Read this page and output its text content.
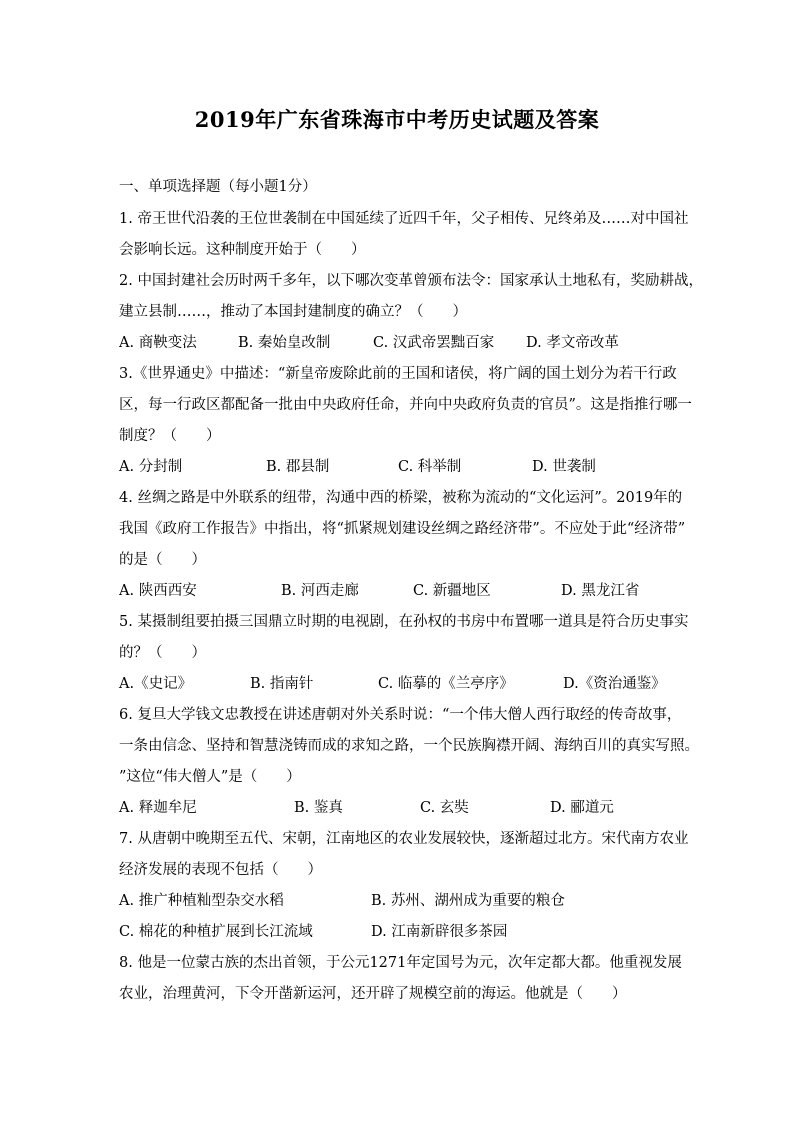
2019年广东省珠海市中考历史试题及答案
一、单项选择题（每小题1分）
1. 帝王世代沿袭的王位世袭制在中国延续了近四千年，父子相传、兄终弟及……对中国社
会影响长远。这种制度开始于（　　）
2. 中国封建社会历时两千多年，以下哪次变革曾颁布法令：国家承认土地私有，奖励耕战，
建立县制……，推动了本国封建制度的确立？（　　）
A. 商鞅变法	B. 秦始皇改制	C. 汉武帝罢黜百家 D. 孝文帝改革
3.《世界通史》中描述：“新皇帝废除此前的王国和诸侯，将广阔的国土划分为若干行政
区，每一行政区都配备一批由中央政府任命，并向中央政府负责的官员”。这是指推行哪一
制度？（　　）
A. 分封制	B. 郡县制	C. 科举制	D. 世袭制
4. 丝绸之路是中外联系的纽带，沟通中西的桥梁，被称为流动的“文化运河”。2019年的
我国《政府工作报告》中指出，将“抓紧规划建设丝绸之路经济带”。不应处于此“经济带”
的是（　　）
A. 陕西西安	B. 河西走廊	C. 新疆地区	D. 黑龙江省
5. 某摄制组要拍摄三国鼎立时期的电视剧，在孙权的书房中布置哪一道具是符合历史事实
的？（　　）
A.《史记》	B. 指南针	C. 临摹的《兰亭序》	D.《资治通鉴》
6. 复旦大学钱文忠教授在讲述唐朝对外关系时说：“一个伟大僧人西行取经的传奇故事，
一条由信念、坚持和智慧浇铸而成的求知之路，一个民族胸襟开阔、海纳百川的真实写照。
”这位“伟大僧人”是（　　）
A. 释迦牟尼	B. 鉴真	C. 玄奘	D. 郦道元
7. 从唐朝中晚期至五代、宋朝，江南地区的农业发展较快，逐渐超过北方。宋代南方农业
经济发展的表现不包括（　　）
A. 推广种植籼型杂交水稻	B. 苏州、湖州成为重要的粮仓
C. 棉花的种植扩展到长江流域	D. 江南新辟很多茶园
8. 他是一位蒙古族的杰出首领，于公元1271年定国号为元，次年定都大都。他重视发展
农业，治理黄河，下令开凿新运河，还开辟了规模空前的海运。他就是（　　）
